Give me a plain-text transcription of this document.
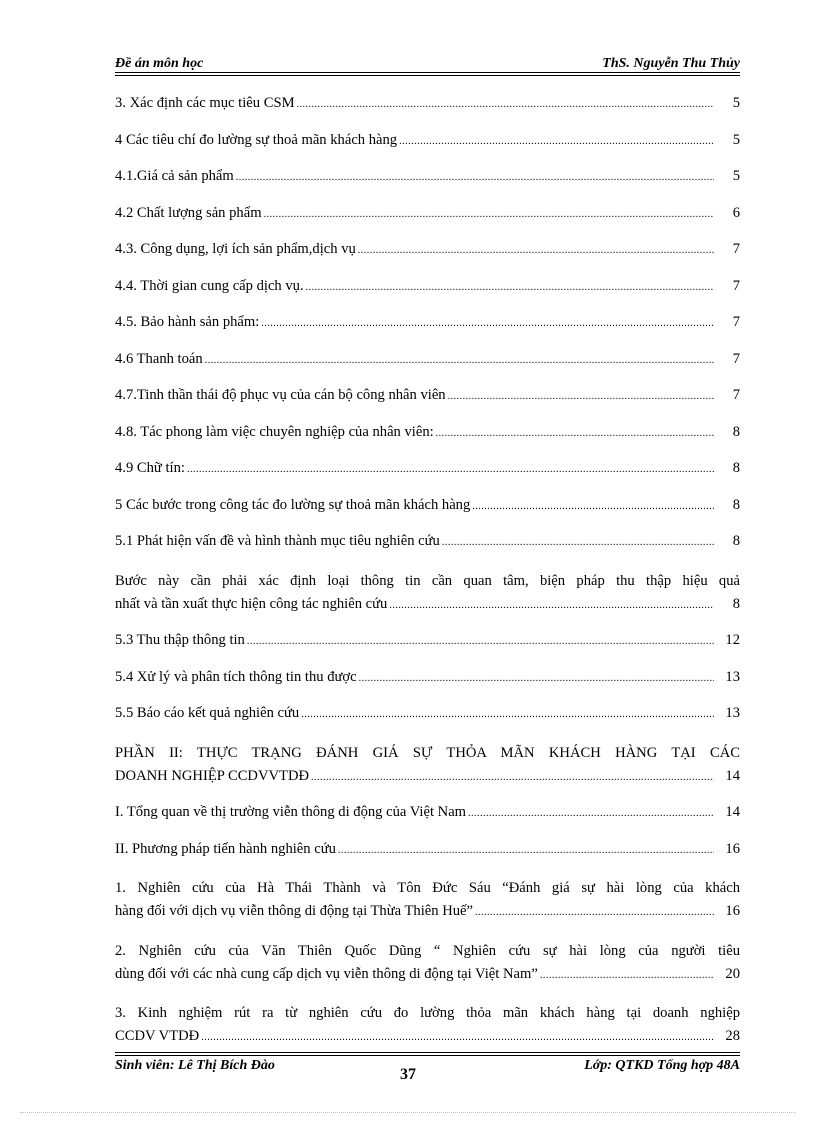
Đề án môn học	ThS. Nguyễn Thu Thủy
3. Xác định các mục tiêu CSM .....	5
4 Các tiêu chí đo lường sự thoả mãn khách hàng .....	5
4.1.Giá cả sản phẩm .....	5
4.2 Chất lượng sản phẩm .....	6
4.3. Công dụng, lợi ích sản phẩm,dịch vụ .....	7
4.4. Thời gian cung cấp dịch vụ. .....	7
4.5. Bảo hành sản phẩm: .....	7
4.6 Thanh toán .....	7
4.7.Tinh thần thái độ phục vụ của cán bộ công nhân viên .....	7
4.8. Tác phong làm việc chuyên nghiệp của nhân viên: .....	8
4.9 Chữ tín: .....	8
5 Các bước trong công tác đo lường sự thoả mãn khách hàng .....	8
5.1 Phát hiện vấn đề và hình thành mục tiêu nghiên cứu .....	8
Bước này cần phải xác định loại thông tin cần quan tâm, biện pháp thu thập hiệu quả
nhất và tần xuất thực hiện công tác nghiên cứu .....	8
5.3 Thu thập thông tin .....	12
5.4 Xử lý và phân tích thông tin thu được .....	13
5.5 Báo cáo kết quả nghiên cứu .....	13
PHẦN II: THỰC TRẠNG ĐÁNH GIÁ SỰ THỎA MÃN KHÁCH HÀNG TẠI CÁC
DOANH NGHIỆP CCDVVTDĐ .....	14
I. Tổng quan về thị trường viễn thông di động của Việt Nam .....	14
II. Phương pháp tiến hành nghiên cứu .....	16
1. Nghiên cứu của Hà Thái Thành và Tôn Đức Sáu “Đánh giá sự hài lòng của khách
hàng đối với dịch vụ viễn thông di động tại Thừa Thiên Huế” .....	16
2. Nghiên cứu của Văn Thiên Quốc Dũng “ Nghiên cứu sự hài lòng của người tiêu
dùng đối với các nhà cung cấp dịch vụ viễn thông di động tại Việt Nam” .....	20
3. Kinh nghiệm rút ra từ nghiên cứu đo lường thỏa mãn khách hàng tại doanh nghiệp
CCDV VTDĐ .....	28
Sinh viên: Lê Thị Bích Đào	Lớp: QTKD Tổng hợp 48A
37
